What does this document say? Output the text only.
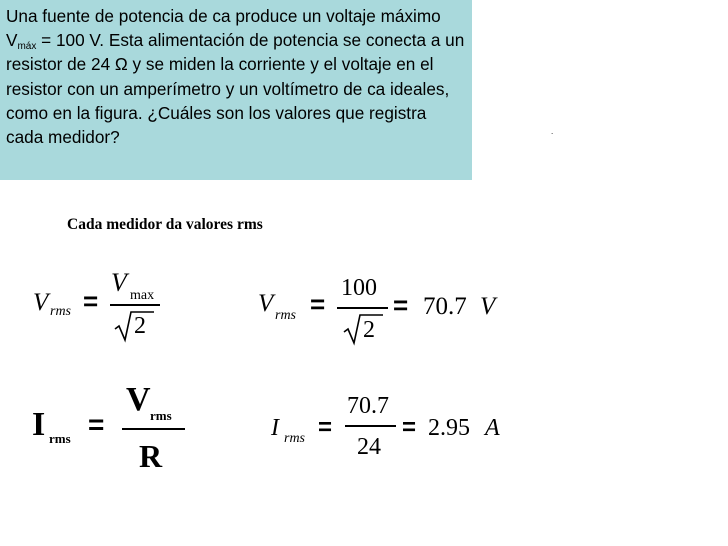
Una fuente de potencia de ca produce un voltaje máximo $V_{máx} = 100$ V. Esta alimentación de potencia se conecta a un resistor de 24 Ω y se miden la corriente y el voltaje en el resistor con un amperímetro y un voltímetro de ca ideales, como en la figura. ¿Cuáles son los valores que registra cada medidor?	.
Cada medidor da valores rms
V rms =
V max
2
V rms =
100
2
= 70.7 V
I rms =
V rms
R
I rms =
70.7
24
= 2.95 A
